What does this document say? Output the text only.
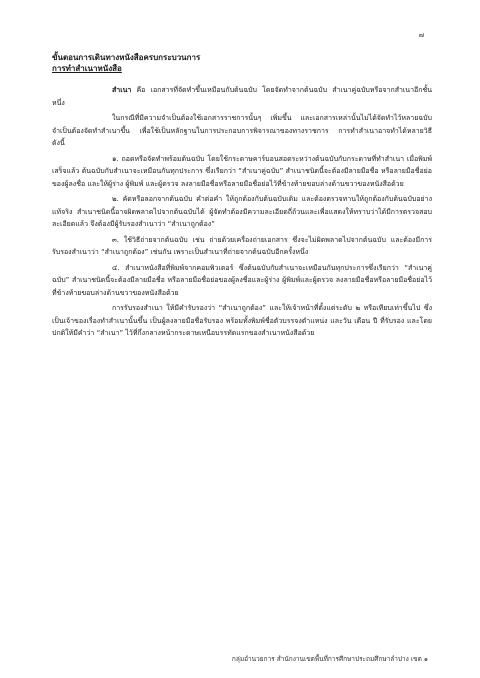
๗

ขั้นตอนการเดินทางหนังสือครบกระบวนการ

การทำสำเนาหนังสือ

สำเนา คือ เอกสารที่จัดทำขึ้นเหมือนกับต้นฉบับ โดยจัดทำจากต้นฉบับ สำเนาคู่ฉบับหรือจากสำเนาอีกชั้นหนึ่ง

ในกรณีที่มีความจำเป็นต้องใช้เอกสารราชการนั้นๆ เพิ่มขึ้น และเอกสารเหล่านั้นไม่ได้จัดทำไว้หลายฉบับ จำเป็นต้องจัดทำสำเนาขึ้น เพื่อใช้เป็นหลักฐานในการประกอบการพิจารณาของทางราชการ การทำสำเนาอาจทำได้หลายวิธี ดังนี้

๑. ถอดหรือจัดทำพร้อมต้นฉบับ โดยใช้กระดาษคาร์บอนสอดระหว่างต้นฉบับกับกระดาษที่ทำสำเนา เมื่อพิมพ์เสร็จแล้ว ต้นฉบับกับสำเนาจะเหมือนกันทุกประการ ซึ่งเรียกว่า “สำเนาคู่ฉบับ” สำเนาชนิดนี้จะต้องมีลายมือชื่อ หรือลายมือชื่อย่อของผู้ลงชื่อ และให้ผู้ร่าง ผู้พิมพ์ และผู้ตรวจ ลงลายมือชื่อหรือลายมือชื่อย่อไว้ที่ข้างท้ายขอบล่างด้านขวาของหนังสือด้วย

๒. คัดหรือลอกจากต้นฉบับ คำต่อคำ ให้ถูกต้องกับต้นฉบับเดิม และต้องตรวจทานให้ถูกต้องกับต้นฉบับอย่างแท้จริง สำเนาชนิดนี้อาจผิดพลาดไปจากต้นฉบับได้ ผู้จัดทำต้องมีความละเอียดถี่ถ้วนและเพื่อแสดงให้ทราบว่าได้มีการตรวจสอบละเอียดแล้ว จึงต้องมีผู้รับรองสำเนาว่า “สำเนาถูกต้อง”

๓. ใช้วิธีถ่ายจากต้นฉบับ เช่น ถ่ายด้วยเครื่องถ่ายเอกสาร ซึ่งจะไม่ผิดพลาดไปจากต้นฉบับ และต้องมีการรับรองสำเนาว่า “สำเนาถูกต้อง” เช่นกัน เพราะเป็นสำเนาที่ถ่ายจากต้นฉบับอีกครั้งหนึ่ง

๔. สำเนาหนังสือที่พิมพ์จากคอมพิวเตอร์ ซึ่งต้นฉบับกับสำเนาจะเหมือนกันทุกประการซึ่งเรียกว่า “สำเนาคู่ฉบับ” สำเนาชนิดนี้จะต้องมีลายมือชื่อ หรือลายมือชื่อย่อของผู้ลงชื่อและผู้ร่าง ผู้พิมพ์และผู้ตรวจ ลงลายมือชื่อหรือลายมือชื่อย่อไว้ที่ข้างท้ายขอบล่างด้านขวาของหนังสือด้วย

การรับรองสำเนา ให้มีคำรับรองว่า “สำเนาถูกต้อง” และให้เจ้าหน้าที่ตั้งแต่ระดับ ๒ หรือเทียบเท่าขึ้นไป ซึ่งเป็นเจ้าของเรื่องทำสำเนานั้นขึ้น เป็นผู้ลงลายมือชื่อรับรอง พร้อมทั้งพิมพ์ชื่อตัวบรรจงตำแหน่ง และวัน เดือน ปี ที่รับรอง และโดยปกติให้มีคำว่า “สำเนา” ไว้ที่กึ่งกลางหน้ากระดาษเหนือบรรทัดแรกของสำเนาหนังสือด้วย

กลุ่มอำนวยการ สำนักงานเขตพื้นที่การศึกษาประถมศึกษาลำปาง เขต ๑
